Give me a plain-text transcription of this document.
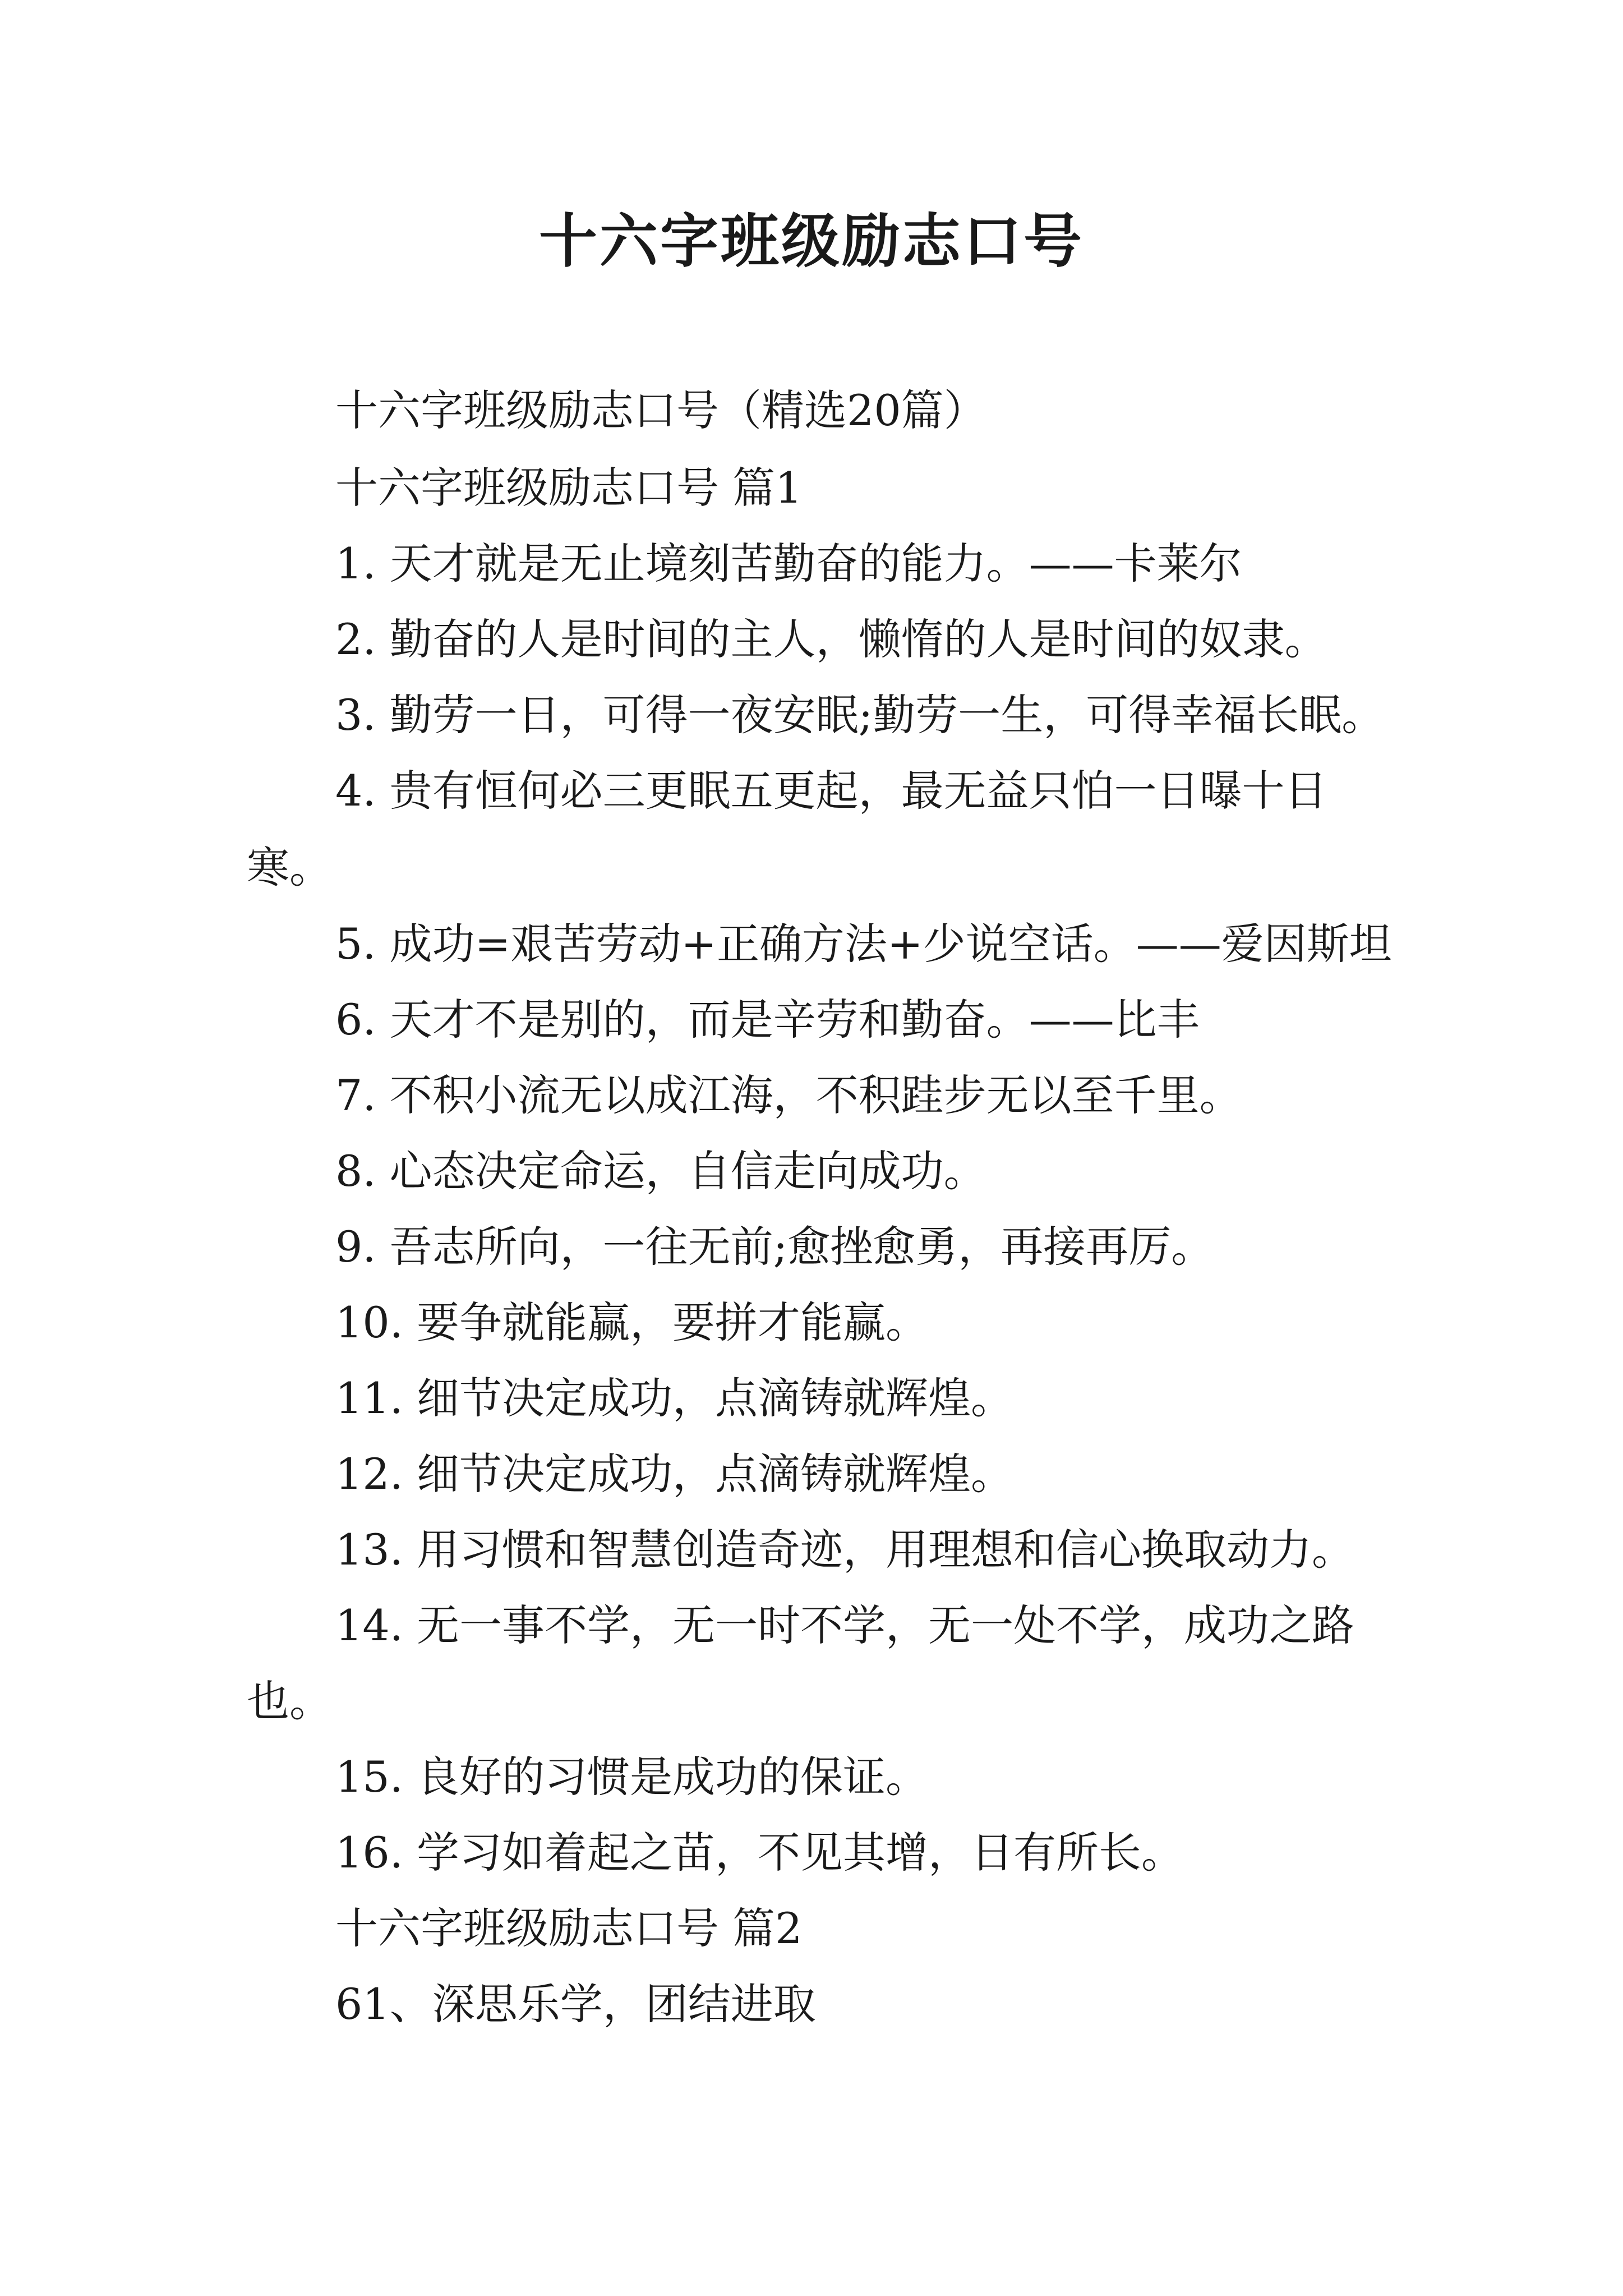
十六字班级励志口号
十六字班级励志口号（精选20篇）
十六字班级励志口号 篇1
1. 天才就是无止境刻苦勤奋的能力。——卡莱尔
2. 勤奋的人是时间的主人，懒惰的人是时间的奴隶。
3. 勤劳一日，可得一夜安眠;勤劳一生，可得幸福长眠。
4. 贵有恒何必三更眠五更起，最无益只怕一日曝十日
寒。
5. 成功=艰苦劳动+正确方法+少说空话。——爱因斯坦
6. 天才不是别的，而是辛劳和勤奋。——比丰
7. 不积小流无以成江海，不积跬步无以至千里。
8. 心态决定命运，自信走向成功。
9. 吾志所向，一往无前;愈挫愈勇，再接再厉。
10. 要争就能赢，要拼才能赢。
11. 细节决定成功，点滴铸就辉煌。
12. 细节决定成功，点滴铸就辉煌。
13. 用习惯和智慧创造奇迹，用理想和信心换取动力。
14. 无一事不学，无一时不学，无一处不学，成功之路
也。
15. 良好的习惯是成功的保证。
16. 学习如着起之苗，不见其增，日有所长。
十六字班级励志口号 篇2
61、深思乐学，团结进取
